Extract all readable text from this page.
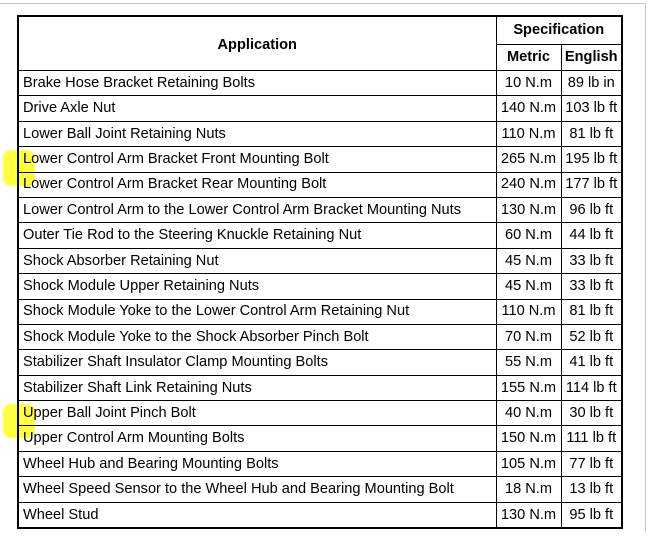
Application	Specification	
	Metric	English
Brake Hose Bracket Retaining Bolts	10 N.m	89 lb in
Drive Axle Nut	140 N.m	103 lb ft
Lower Ball Joint Retaining Nuts	110 N.m	81 lb ft
Lower Control Arm Bracket Front Mounting Bolt	265 N.m	195 lb ft
Lower Control Arm Bracket Rear Mounting Bolt	240 N.m	177 lb ft
Lower Control Arm to the Lower Control Arm Bracket Mounting Nuts	130 N.m	96 lb ft
Outer Tie Rod to the Steering Knuckle Retaining Nut	60 N.m	44 lb ft
Shock Absorber Retaining Nut	45 N.m	33 lb ft
Shock Module Upper Retaining Nuts	45 N.m	33 lb ft
Shock Module Yoke to the Lower Control Arm Retaining Nut	110 N.m	81 lb ft
Shock Module Yoke to the Shock Absorber Pinch Bolt	70 N.m	52 lb ft
Stabilizer Shaft Insulator Clamp Mounting Bolts	55 N.m	41 lb ft
Stabilizer Shaft Link Retaining Nuts	155 N.m	114 lb ft
Upper Ball Joint Pinch Bolt	40 N.m	30 lb ft
Upper Control Arm Mounting Bolts	150 N.m	111 lb ft
Wheel Hub and Bearing Mounting Bolts	105 N.m	77 lb ft
Wheel Speed Sensor to the Wheel Hub and Bearing Mounting Bolt	18 N.m	13 lb ft
Wheel Stud	130 N.m	95 lb ft
